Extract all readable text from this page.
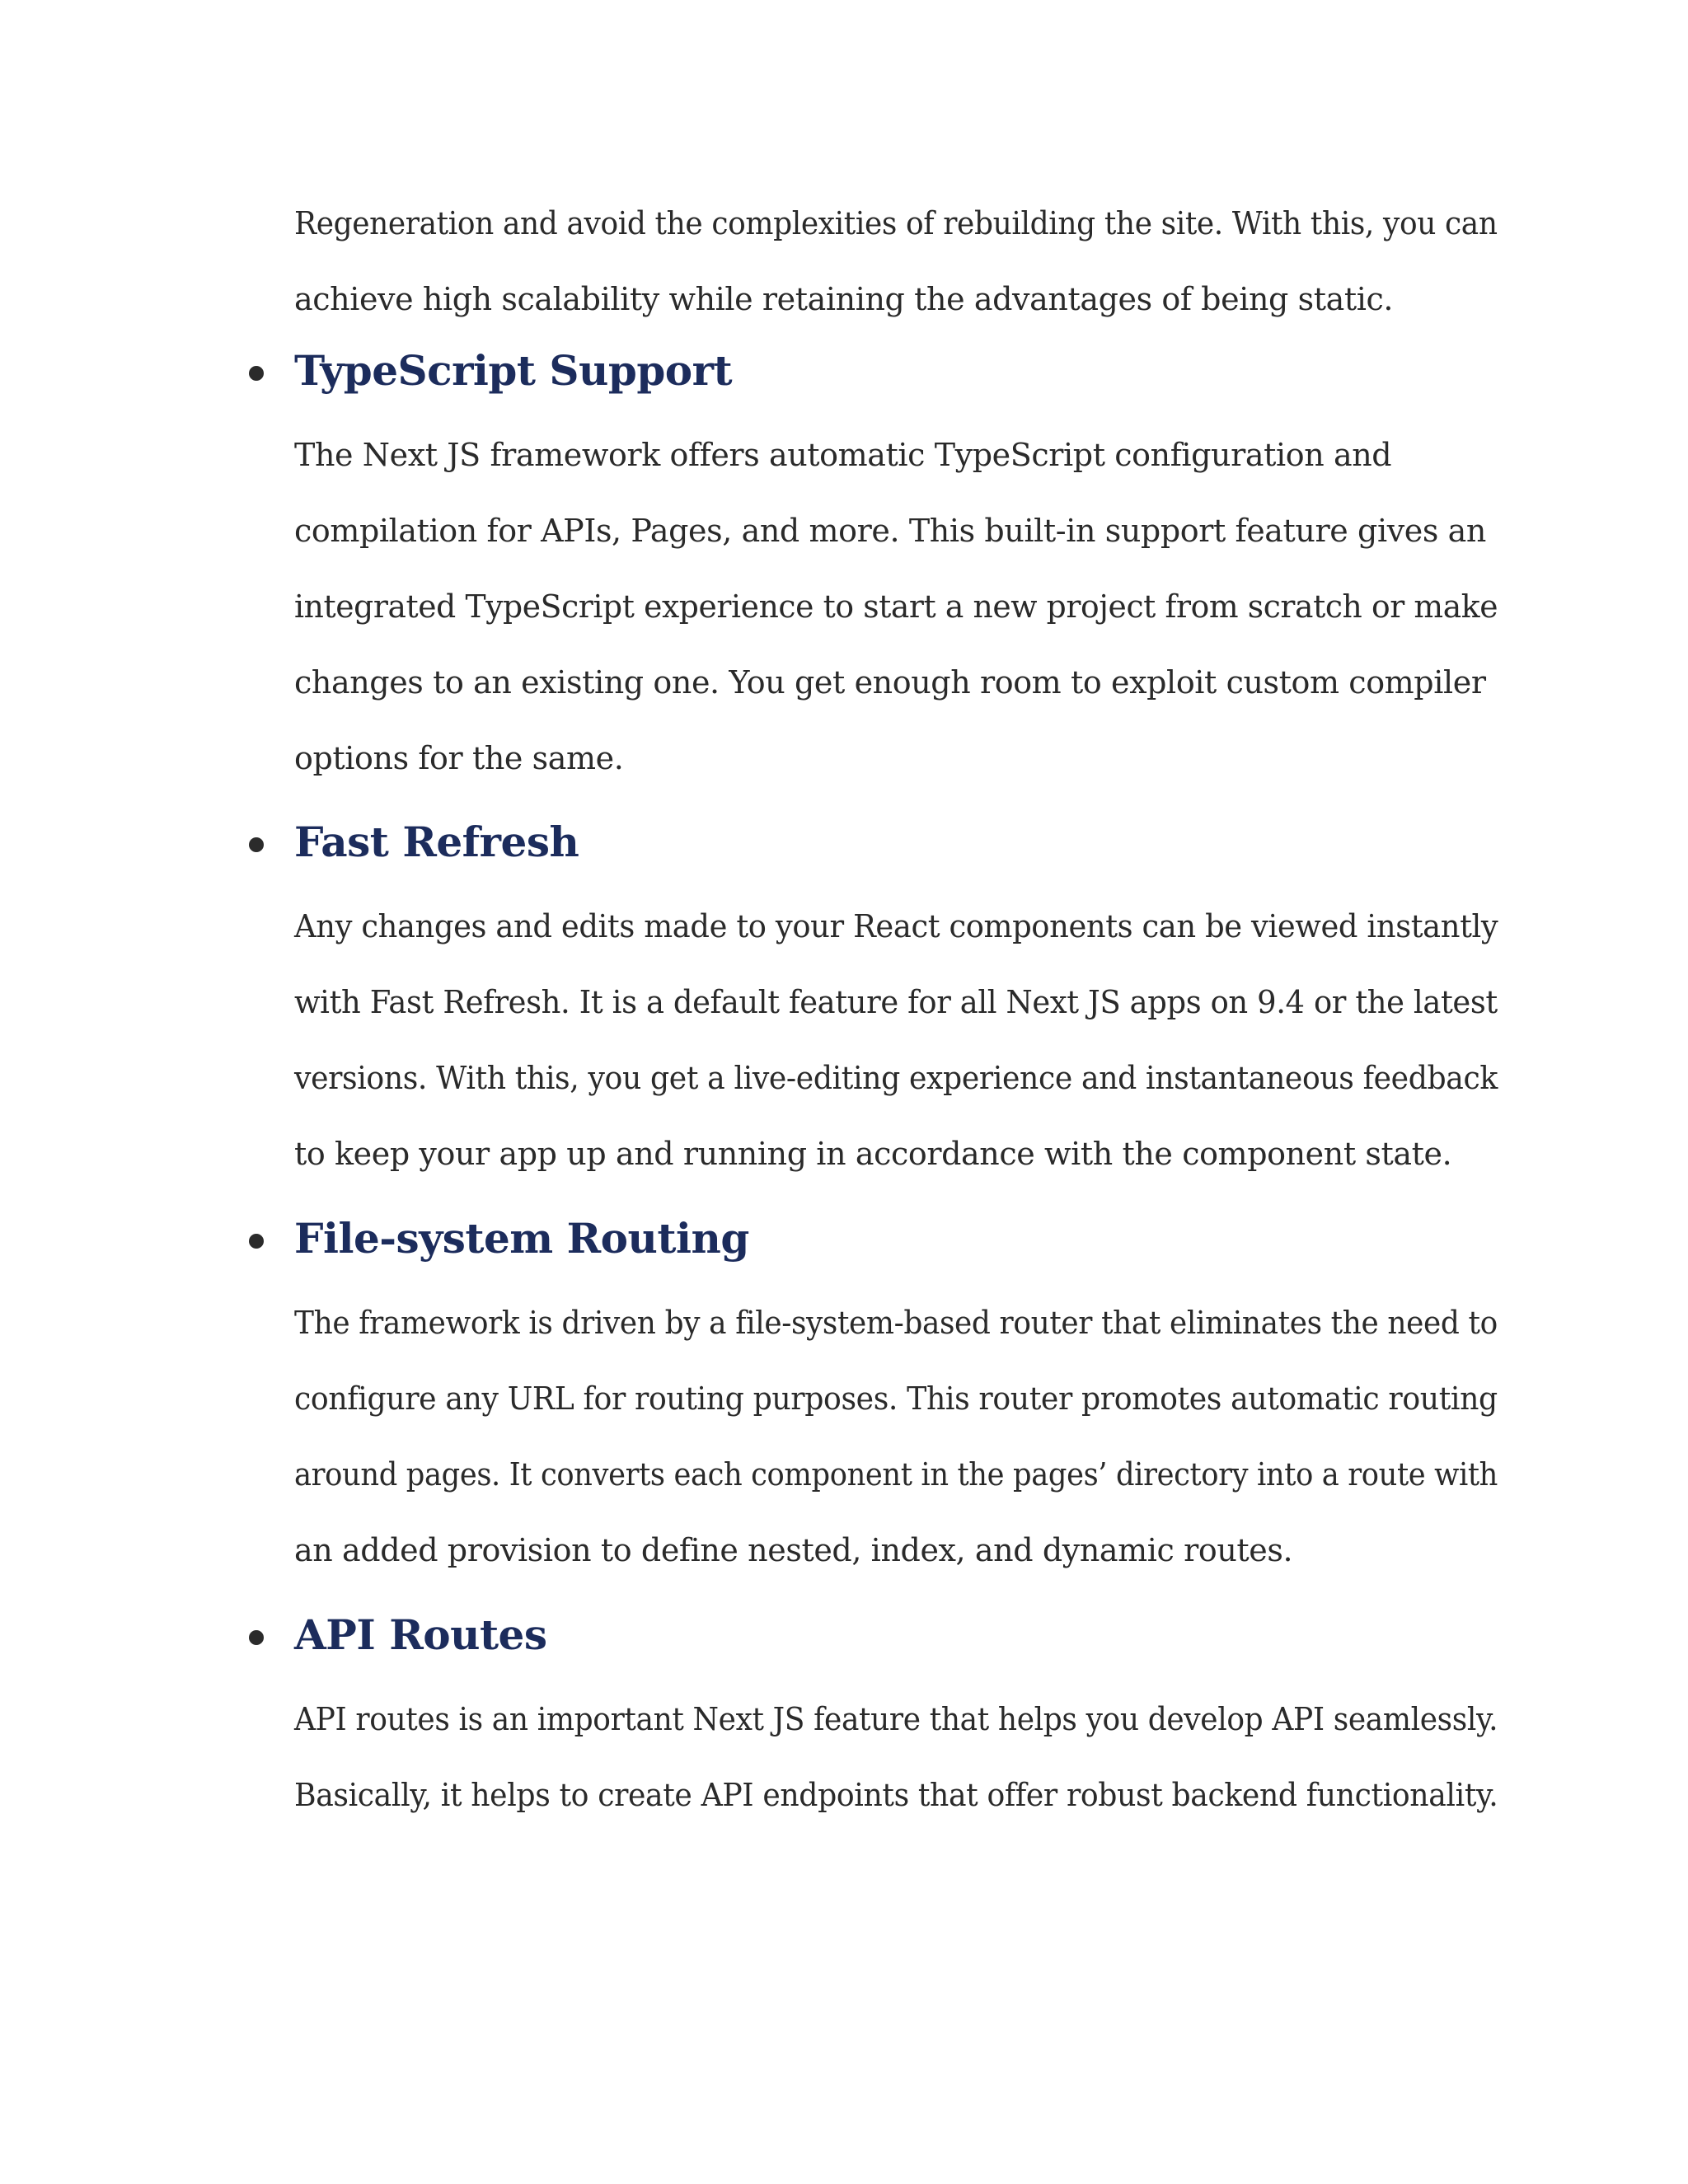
Regeneration and avoid the complexities of rebuilding the site. With this, you can
achieve high scalability while retaining the advantages of being static.
TypeScript Support
The Next JS framework offers automatic TypeScript configuration and
compilation for APIs, Pages, and more. This built-in support feature gives an
integrated TypeScript experience to start a new project from scratch or make
changes to an existing one. You get enough room to exploit custom compiler
options for the same.
Fast Refresh
Any changes and edits made to your React components can be viewed instantly
with Fast Refresh. It is a default feature for all Next JS apps on 9.4 or the latest
versions. With this, you get a live-editing experience and instantaneous feedback
to keep your app up and running in accordance with the component state.
File-system Routing
The framework is driven by a file-system-based router that eliminates the need to
configure any URL for routing purposes. This router promotes automatic routing
around pages. It converts each component in the pages’ directory into a route with
an added provision to define nested, index, and dynamic routes.
API Routes
API routes is an important Next JS feature that helps you develop API seamlessly.
Basically, it helps to create API endpoints that offer robust backend functionality.
